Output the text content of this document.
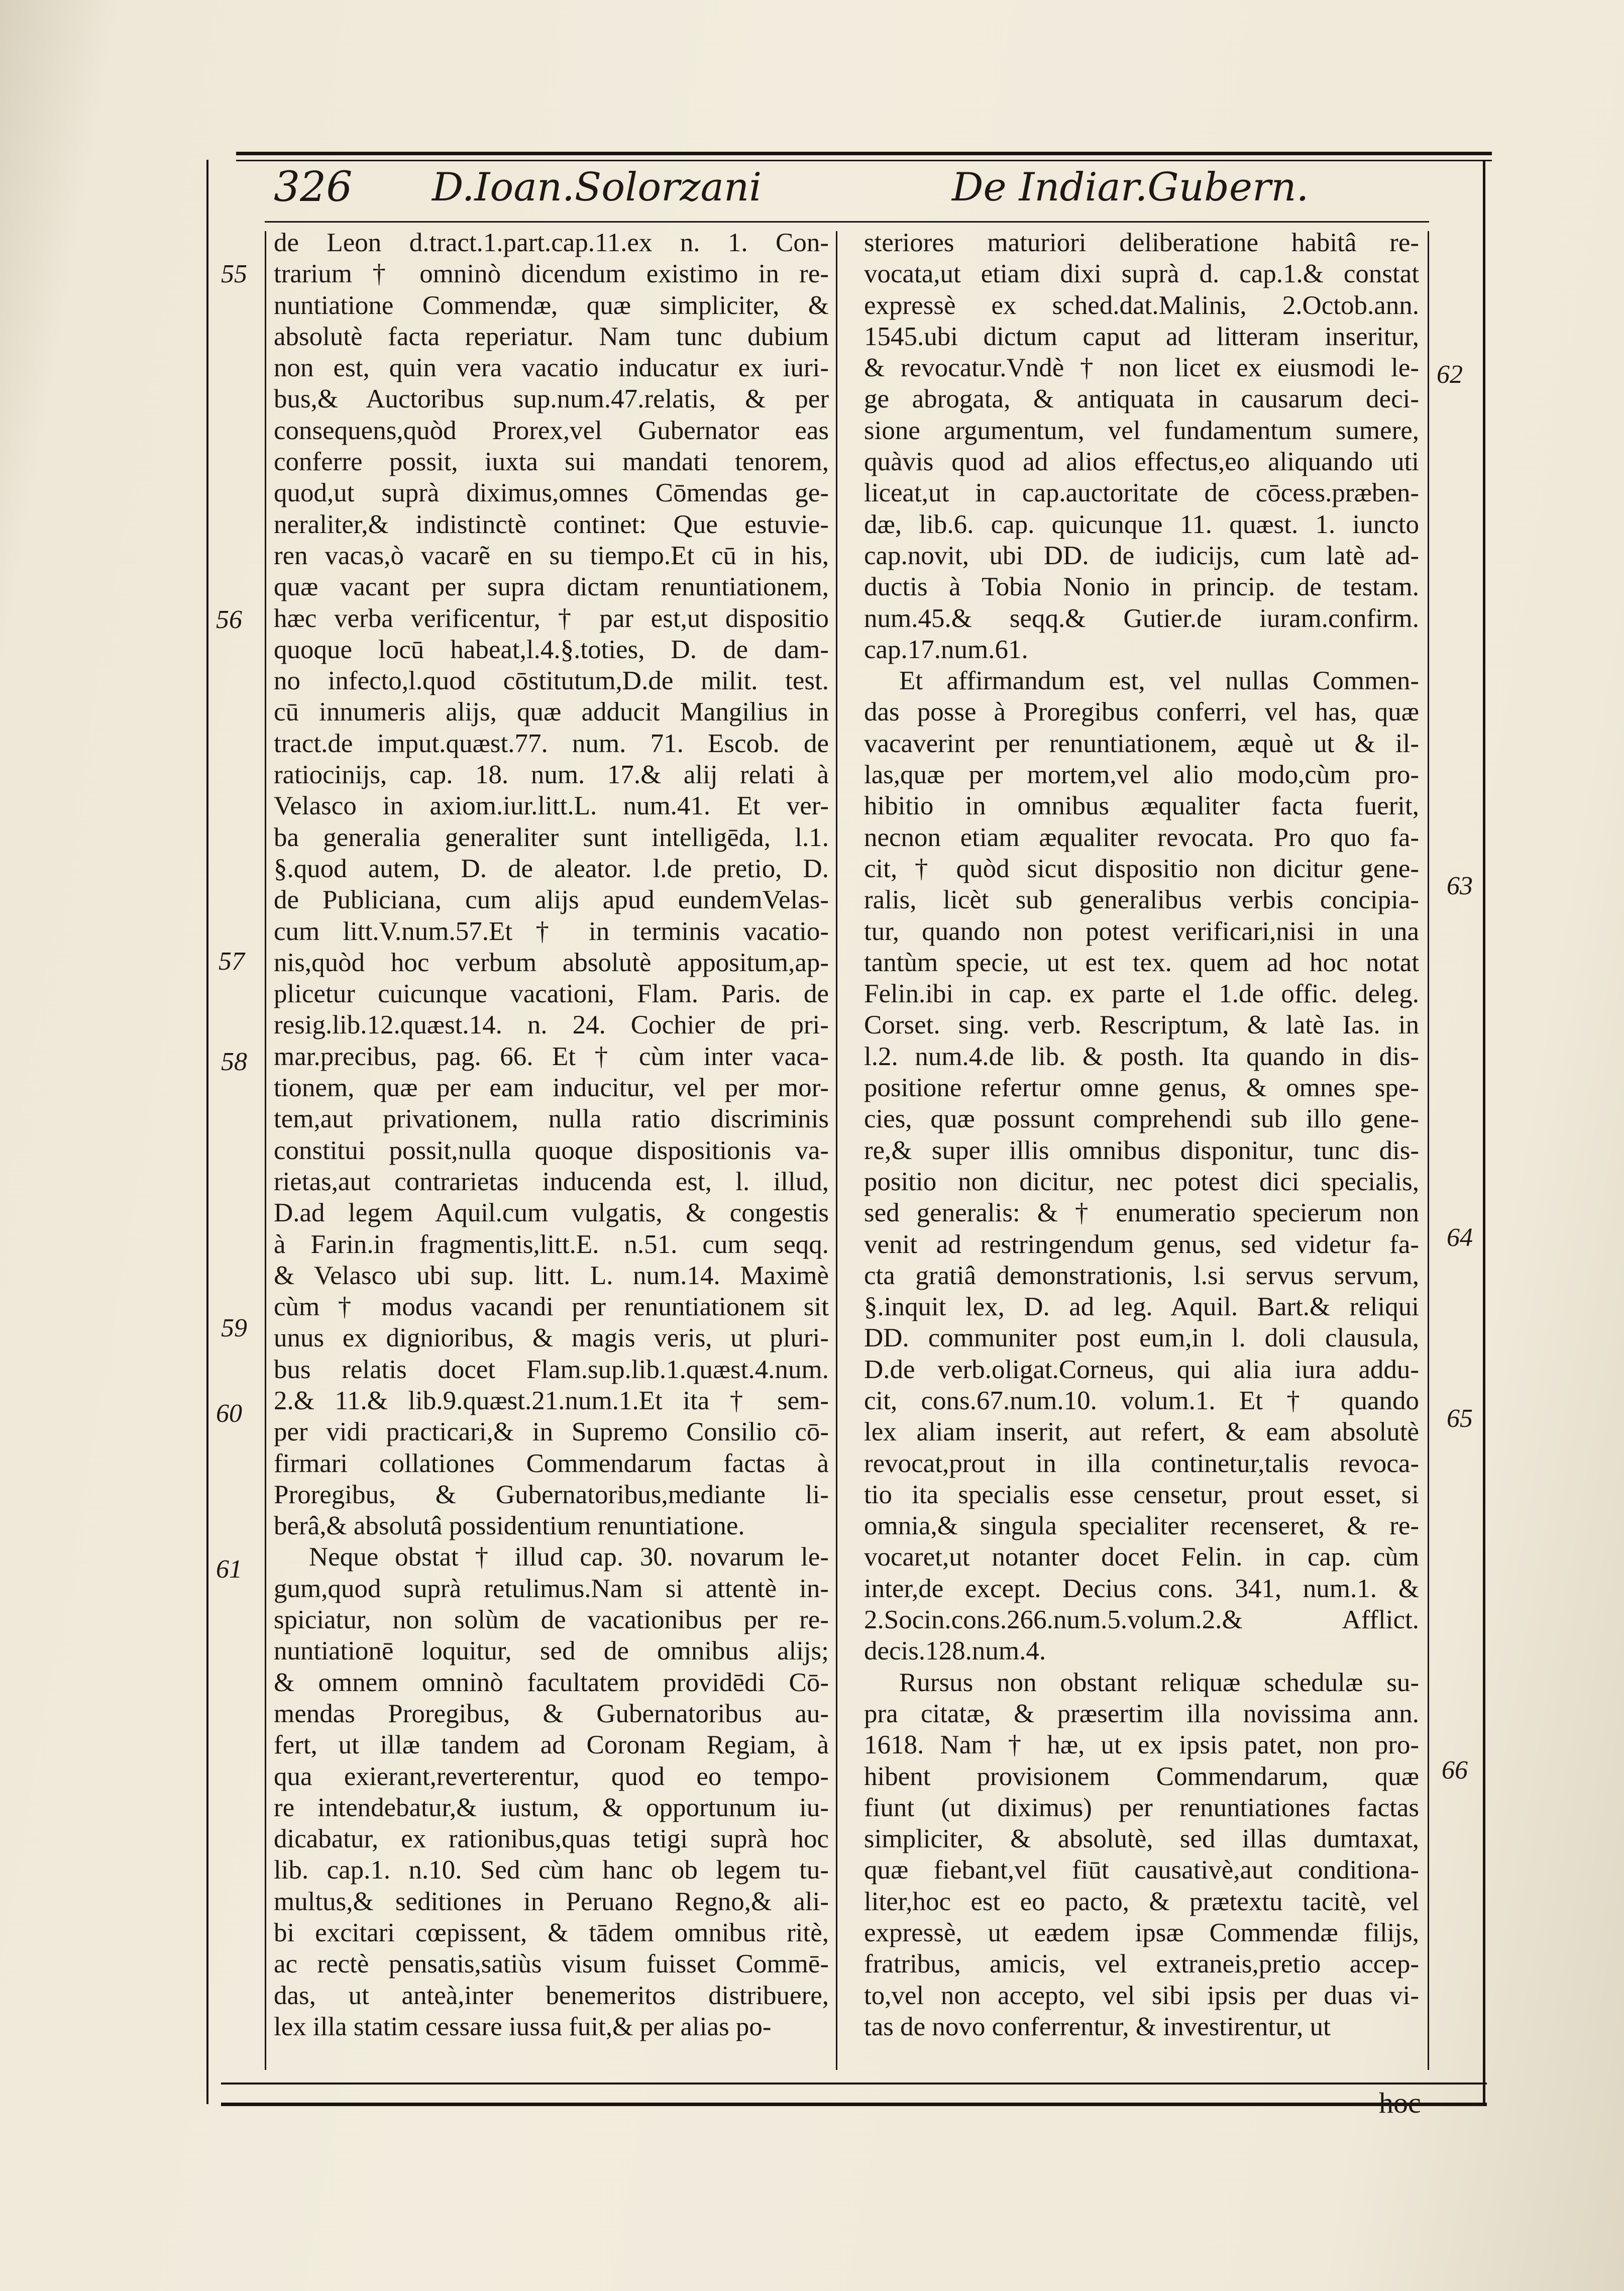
326 D.Ioan.Solorzani	De Indiar.Gubern.
de Leon d.tract.1.part.cap.11.ex n. 1. Con-
trarium † omninò dicendum existimo in re-
nuntiatione Commendæ, quæ simpliciter, &
absolutè facta reperiatur. Nam tunc dubium
non est, quin vera vacatio inducatur ex iuri-
bus,& Auctoribus sup.num.47.relatis, & per
consequens,quòd Prorex,vel Gubernator eas
conferre possit, iuxta sui mandati tenorem,
quod,ut suprà diximus,omnes Cōmendas ge-
neraliter,& indistinctè continet: Que estuvie-
ren vacas,ò vacarẽ en su tiempo.Et cū in his,
quæ vacant per supra dictam renuntiationem,
hæc verba verificentur, † par est,ut dispositio
quoque locū habeat,l.4.§.toties, D. de dam-
no infecto,l.quod cōstitutum,D.de milit. test.
cū innumeris alijs, quæ adducit Mangilius in
tract.de imput.quæst.77. num. 71. Escob. de
ratiocinijs, cap. 18. num. 17.& alij relati à
Velasco in axiom.iur.litt.L. num.41. Et ver-
ba generalia generaliter sunt intelligēda, l.1.
§.quod autem, D. de aleator. l.de pretio, D.
de Publiciana, cum alijs apud eundemVelas-
cum litt.V.num.57.Et † in terminis vacatio-
nis,quòd hoc verbum absolutè appositum,ap-
plicetur cuicunque vacationi, Flam. Paris. de
resig.lib.12.quæst.14. n. 24. Cochier de pri-
mar.precibus, pag. 66. Et † cùm inter vaca-
tionem, quæ per eam inducitur, vel per mor-
tem,aut privationem, nulla ratio discriminis
constitui possit,nulla quoque dispositionis va-
rietas,aut contrarietas inducenda est, l. illud,
D.ad legem Aquil.cum vulgatis, & congestis
à Farin.in fragmentis,litt.E. n.51. cum seqq.
& Velasco ubi sup. litt. L. num.14. Maximè
cùm † modus vacandi per renuntiationem sit
unus ex dignioribus, & magis veris, ut pluri-
bus relatis docet Flam.sup.lib.1.quæst.4.num.
2.& 11.& lib.9.quæst.21.num.1.Et ita † sem-
per vidi practicari,& in Supremo Consilio cō-
firmari collationes Commendarum factas à
Proregibus, & Gubernatoribus,mediante li-
berâ,& absolutâ possidentium renuntiatione.
Neque obstat † illud cap. 30. novarum le-
gum,quod suprà retulimus.Nam si attentè in-
spiciatur, non solùm de vacationibus per re-
nuntiationē loquitur, sed de omnibus alijs;
& omnem omninò facultatem providēdi Cō-
mendas Proregibus, & Gubernatoribus au-
fert, ut illæ tandem ad Coronam Regiam, à
qua exierant,reverterentur, quod eo tempo-
re intendebatur,& iustum, & opportunum iu-
dicabatur, ex rationibus,quas tetigi suprà hoc
lib. cap.1. n.10. Sed cùm hanc ob legem tu-
multus,& seditiones in Peruano Regno,& ali-
bi excitari cœpissent, & tādem omnibus ritè,
ac rectè pensatis,satiùs visum fuisset Commē-
das, ut anteà,inter benemeritos distribuere,
lex illa statim cessare iussa fuit,& per alias po-
steriores maturiori deliberatione habitâ re-
vocata,ut etiam dixi suprà d. cap.1.& constat
expressè ex sched.dat.Malinis, 2.Octob.ann.
1545.ubi dictum caput ad litteram inseritur,
& revocatur.Vndè † non licet ex eiusmodi le-
ge abrogata, & antiquata in causarum deci-
sione argumentum, vel fundamentum sumere,
quàvis quod ad alios effectus,eo aliquando uti
liceat,ut in cap.auctoritate de cōcess.præben-
dæ, lib.6. cap. quicunque 11. quæst. 1. iuncto
cap.novit, ubi DD. de iudicijs, cum latè ad-
ductis à Tobia Nonio in princip. de testam.
num.45.& seqq.& Gutier.de iuram.confirm.
cap.17.num.61.
Et affirmandum est, vel nullas Commen-
das posse à Proregibus conferri, vel has, quæ
vacaverint per renuntiationem, æquè ut & il-
las,quæ per mortem,vel alio modo,cùm pro-
hibitio in omnibus æqualiter facta fuerit,
necnon etiam æqualiter revocata. Pro quo fa-
cit, † quòd sicut dispositio non dicitur gene-
ralis, licèt sub generalibus verbis concipia-
tur, quando non potest verificari,nisi in una
tantùm specie, ut est tex. quem ad hoc notat
Felin.ibi in cap. ex parte el 1.de offic. deleg.
Corset. sing. verb. Rescriptum, & latè Ias. in
l.2. num.4.de lib. & posth. Ita quando in dis-
positione refertur omne genus, & omnes spe-
cies, quæ possunt comprehendi sub illo gene-
re,& super illis omnibus disponitur, tunc dis-
positio non dicitur, nec potest dici specialis,
sed generalis: & † enumeratio specierum non
venit ad restringendum genus, sed videtur fa-
cta gratiâ demonstrationis, l.si servus servum,
§.inquit lex, D. ad leg. Aquil. Bart.& reliqui
DD. communiter post eum,in l. doli clausula,
D.de verb.oligat.Corneus, qui alia iura addu-
cit, cons.67.num.10. volum.1. Et † quando
lex aliam inserit, aut refert, & eam absolutè
revocat,prout in illa continetur,talis revoca-
tio ita specialis esse censetur, prout esset, si
omnia,& singula specialiter recenseret, & re-
vocaret,ut notanter docet Felin. in cap. cùm
inter,de except. Decius cons. 341, num.1. &
2.Socin.cons.266.num.5.volum.2.& Afflict.
decis.128.num.4.
Rursus non obstant reliquæ schedulæ su-
pra citatæ, & præsertim illa novissima ann.
1618. Nam † hæ, ut ex ipsis patet, non pro-
hibent provisionem Commendarum, quæ
fiunt (ut diximus) per renuntiationes factas
simpliciter, & absolutè, sed illas dumtaxat,
quæ fiebant,vel fiūt causativè,aut conditiona-
liter,hoc est eo pacto, & prætextu tacitè, vel
expressè, ut eædem ipsæ Commendæ filijs,
fratribus, amicis, vel extraneis,pretio accep-
to,vel non accepto, vel sibi ipsis per duas vi-
tas de novo conferrentur, & investirentur, ut
55
56
57
58
59
60
61
62
63
64
65
66
hoc
